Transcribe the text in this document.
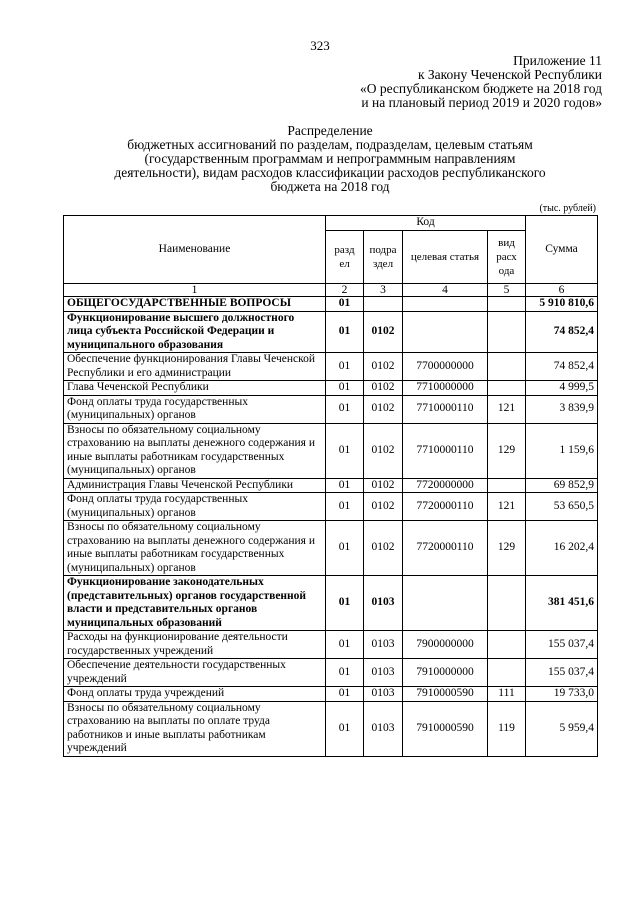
323
Приложение 11
к Закону Чеченской Республики
«О республиканском бюджете на 2018 год
и на плановый период 2019 и 2020 годов»
Распределение
бюджетных ассигнований по разделам, подразделам, целевым статьям
(государственным программам и непрограммным направлениям
деятельности), видам расходов классификации расходов республиканского
бюджета на 2018 год
(тыс. рублей)
Наименование	Код				Сумма
	разд ел	подра здел	целевая статья	вид расх ода	
1	2	3	4	5	6
ОБЩЕГОСУДАРСТВЕННЫЕ ВОПРОСЫ	01				5 910 810,6
Функционирование высшего должностного лица субъекта Российской Федерации и муниципального образования	01	0102			74 852,4
Обеспечение функционирования Главы Чеченской Республики и его администрации	01	0102	7700000000		74 852,4
Глава Чеченской Республики	01	0102	7710000000		4 999,5
Фонд оплаты труда государственных (муниципальных) органов	01	0102	7710000110	121	3 839,9
Взносы по обязательному социальному страхованию на выплаты денежного содержания и иные выплаты работникам государственных (муниципальных) органов	01	0102	7710000110	129	1 159,6
Администрация Главы Чеченской Республики	01	0102	7720000000		69 852,9
Фонд оплаты труда государственных (муниципальных) органов	01	0102	7720000110	121	53 650,5
Взносы по обязательному социальному страхованию на выплаты денежного содержания и иные выплаты работникам государственных (муниципальных) органов	01	0102	7720000110	129	16 202,4
Функционирование законодательных (представительных) органов государственной власти и представительных органов муниципальных образований	01	0103			381 451,6
Расходы на функционирование деятельности государственных учреждений	01	0103	7900000000		155 037,4
Обеспечение деятельности государственных учреждений	01	0103	7910000000		155 037,4
Фонд оплаты труда учреждений	01	0103	7910000590	111	19 733,0
Взносы по обязательному социальному страхованию на выплаты по оплате труда работников и иные выплаты работникам учреждений	01	0103	7910000590	119	5 959,4
